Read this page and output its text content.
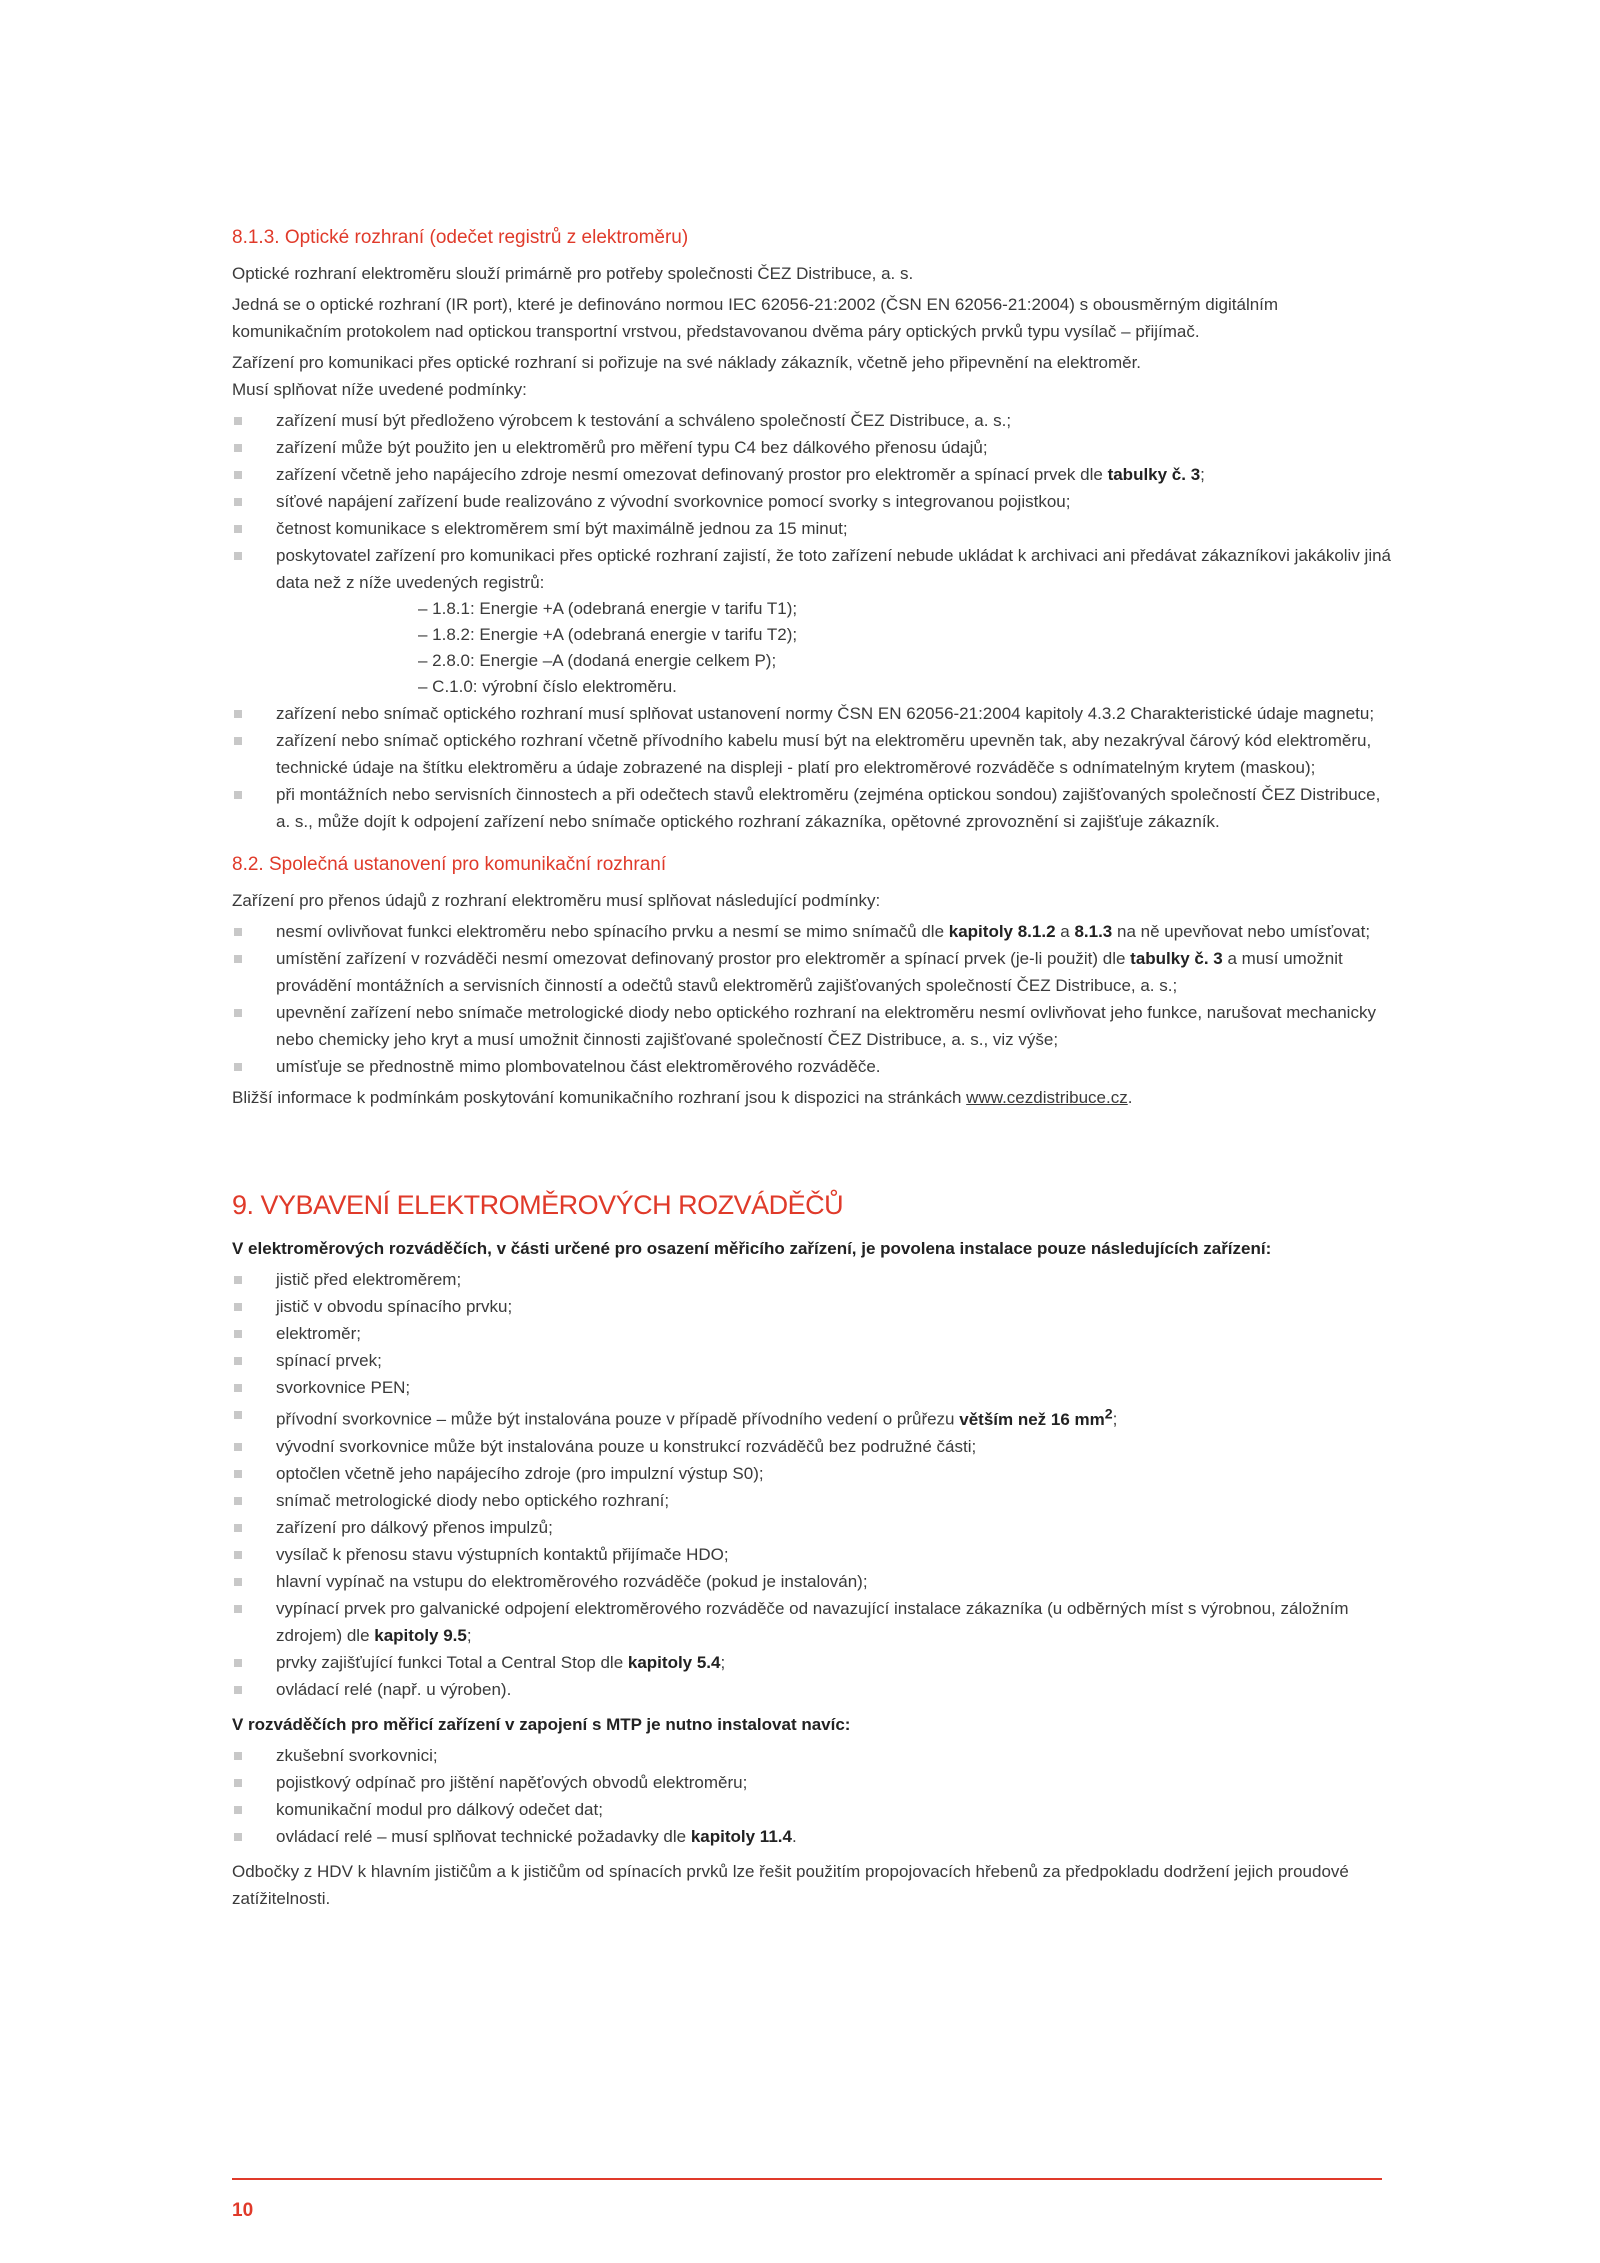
8.1.3. Optické rozhraní (odečet registrů z elektroměru)

Optické rozhraní elektroměru slouží primárně pro potřeby společnosti ČEZ Distribuce, a. s.

Jedná se o optické rozhraní (IR port), které je definováno normou IEC 62056-21:2002 (ČSN EN 62056-21:2004) s obousměrným digitálním komunikačním protokolem nad optickou transportní vrstvou, představovanou dvěma páry optických prvků typu vysílač – přijímač.

Zařízení pro komunikaci přes optické rozhraní si pořizuje na své náklady zákazník, včetně jeho připevnění na elektroměr.

Musí splňovat níže uvedené podmínky:

zařízení musí být předloženo výrobcem k testování a schváleno společností ČEZ Distribuce, a. s.;
zařízení může být použito jen u elektroměrů pro měření typu C4 bez dálkového přenosu údajů;
zařízení včetně jeho napájecího zdroje nesmí omezovat definovaný prostor pro elektroměr a spínací prvek dle tabulky č. 3;
síťové napájení zařízení bude realizováno z vývodní svorkovnice pomocí svorky s integrovanou pojistkou;
četnost komunikace s elektroměrem smí být maximálně jednou za 15 minut;
poskytovatel zařízení pro komunikaci přes optické rozhraní zajistí, že toto zařízení nebude ukládat k archivaci ani předávat zákazníkovi jakákoliv jiná data než z níže uvedených registrů:
– 1.8.1: Energie +A (odebraná energie v tarifu T1);
– 1.8.2: Energie +A (odebraná energie v tarifu T2);
– 2.8.0: Energie –A (dodaná energie celkem P);
– C.1.0: výrobní číslo elektroměru.
zařízení nebo snímač optického rozhraní musí splňovat ustanovení normy ČSN EN 62056-21:2004 kapitoly 4.3.2 Charakteristické údaje magnetu;
zařízení nebo snímač optického rozhraní včetně přívodního kabelu musí být na elektroměru upevněn tak, aby nezakrýval čárový kód elektroměru, technické údaje na štítku elektroměru a údaje zobrazené na displeji - platí pro elektroměrové rozváděče s odnímatelným krytem (maskou);
při montážních nebo servisních činnostech a při odečtech stavů elektroměru (zejména optickou sondou) zajišťovaných společností ČEZ Distribuce, a. s., může dojít k odpojení zařízení nebo snímače optického rozhraní zákazníka, opětovné zprovoznění si zajišťuje zákazník.
8.2. Společná ustanovení pro komunikační rozhraní

Zařízení pro přenos údajů z rozhraní elektroměru musí splňovat následující podmínky:

nesmí ovlivňovat funkci elektroměru nebo spínacího prvku a nesmí se mimo snímačů dle kapitoly 8.1.2 a 8.1.3 na ně upevňovat nebo umísťovat;
umístění zařízení v rozváděči nesmí omezovat definovaný prostor pro elektroměr a spínací prvek (je-li použit) dle tabulky č. 3 a musí umožnit provádění montážních a servisních činností a odečtů stavů elektroměrů zajišťovaných společností ČEZ Distribuce, a. s.;
upevnění zařízení nebo snímače metrologické diody nebo optického rozhraní na elektroměru nesmí ovlivňovat jeho funkce, narušovat mechanicky nebo chemicky jeho kryt a musí umožnit činnosti zajišťované společností ČEZ Distribuce, a. s., viz výše;
umísťuje se přednostně mimo plombovatelnou část elektroměrového rozváděče.

Bližší informace k podmínkám poskytování komunikačního rozhraní jsou k dispozici na stránkách www.cezdistribuce.cz.

9. VYBAVENÍ ELEKTROMĚROVÝCH ROZVÁDĚČŮ

V elektroměrových rozváděčích, v části určené pro osazení měřicího zařízení, je povolena instalace pouze následujících zařízení:

jistič před elektroměrem;
jistič v obvodu spínacího prvku;
elektroměr;
spínací prvek;
svorkovnice PEN;
přívodní svorkovnice – může být instalována pouze v případě přívodního vedení o průřezu větším než 16 $mm^2$;
vývodní svorkovnice může být instalována pouze u konstrukcí rozváděčů bez podružné části;
optočlen včetně jeho napájecího zdroje (pro impulzní výstup S0);
snímač metrologické diody nebo optického rozhraní;
zařízení pro dálkový přenos impulzů;
vysílač k přenosu stavu výstupních kontaktů přijímače HDO;
hlavní vypínač na vstupu do elektroměrového rozváděče (pokud je instalován);
vypínací prvek pro galvanické odpojení elektroměrového rozváděče od navazující instalace zákazníka (u odběrných míst s výrobnou, záložním zdrojem) dle kapitoly 9.5;
prvky zajišťující funkci Total a Central Stop dle kapitoly 5.4;
ovládací relé (např. u výroben).

V rozváděčích pro měřicí zařízení v zapojení s MTP je nutno instalovat navíc:

zkušební svorkovnici;
pojistkový odpínač pro jištění napěťových obvodů elektroměru;
komunikační modul pro dálkový odečet dat;
ovládací relé – musí splňovat technické požadavky dle kapitoly 11.4.

Odbočky z HDV k hlavním jističům a k jističům od spínacích prvků lze řešit použitím propojovacích hřebenů za předpokladu dodržení jejich proudové zatížitelnosti.

10
